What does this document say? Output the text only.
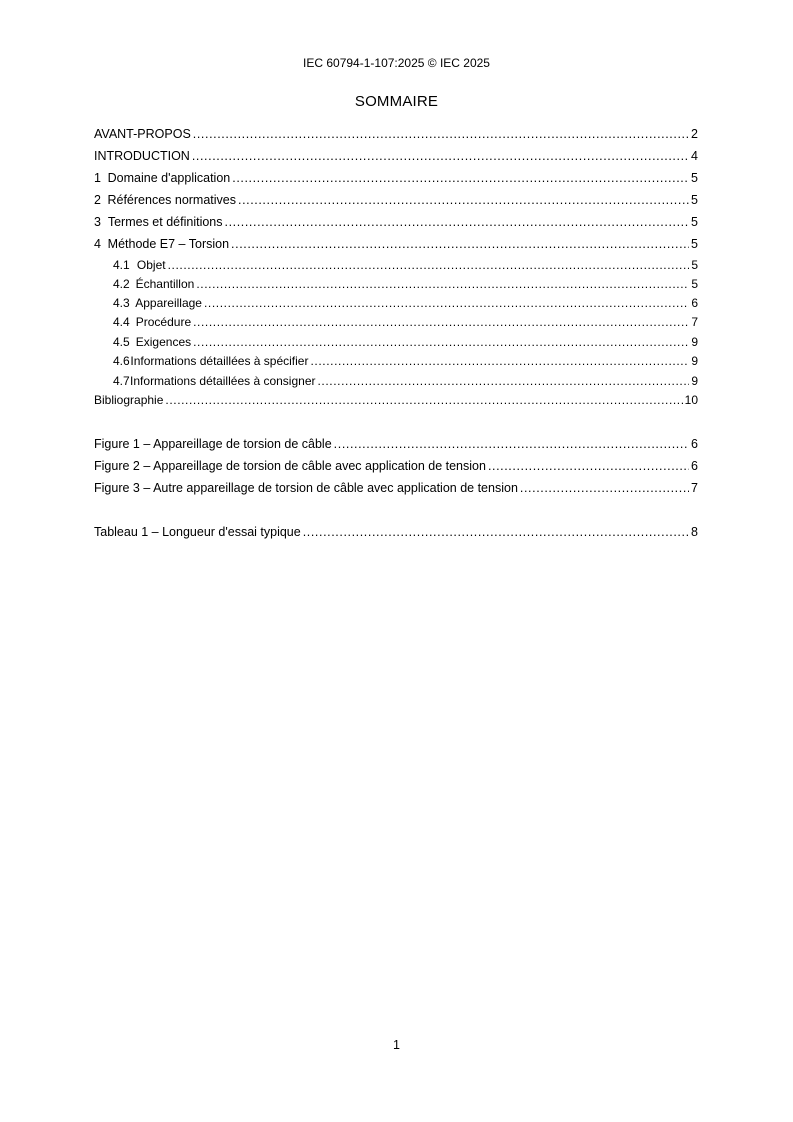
IEC 60794-1-107:2025 © IEC 2025
SOMMAIRE
AVANT-PROPOS .....	2
INTRODUCTION .....	4
1 Domaine d'application .....	5
2 Références normatives .....	5
3 Termes et définitions .....	5
4 Méthode E7 – Torsion .....	5
4.1 Objet .....	5
4.2 Échantillon .....	5
4.3 Appareillage .....	6
4.4 Procédure .....	7
4.5 Exigences .....	9
4.6 Informations détaillées à spécifier .....	9
4.7 Informations détaillées à consigner .....	9
Bibliographie .....	10
Figure 1 – Appareillage de torsion de câble .....	6
Figure 2 – Appareillage de torsion de câble avec application de tension .....	6
Figure 3 – Autre appareillage de torsion de câble avec application de tension .....	7
Tableau 1 – Longueur d'essai typique .....	8
1
